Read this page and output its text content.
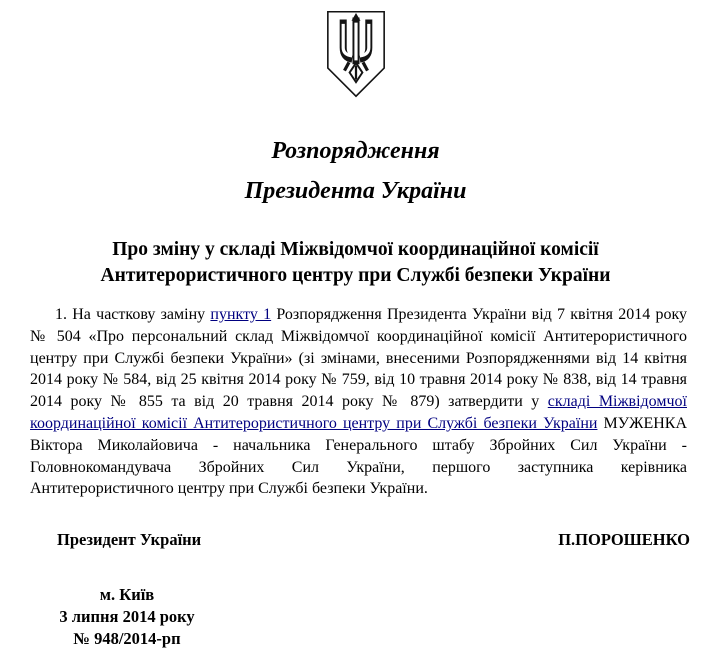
Розпорядження
Президента України
Про зміну у складі Міжвідомчої координаційної комісії
Антитерористичного центру при Службі безпеки України

1. На часткову заміну пункту 1 Розпорядження Президента України від 7 квітня 2014 року № 504 «Про персональний склад Міжвідомчої координаційної комісії Антитерористичного центру при Службі безпеки України» (зі змінами, внесеними Розпорядженнями від 14 квітня 2014 року № 584, від 25 квітня 2014 року № 759, від 10 травня 2014 року № 838, від 14 травня 2014 року № 855 та від 20 травня 2014 року № 879) затвердити у складі Міжвідомчої координаційної комісії Антитерористичного центру при Службі безпеки України МУЖЕНКА Віктора Миколайовича - начальника Генерального штабу Збройних Сил України - Головнокомандувача Збройних Сил України, першого заступника керівника Антитерористичного центру при Службі безпеки України.

Президент України	П.ПОРОШЕНКО
м. Київ
3 липня 2014 року
№ 948/2014-рп
